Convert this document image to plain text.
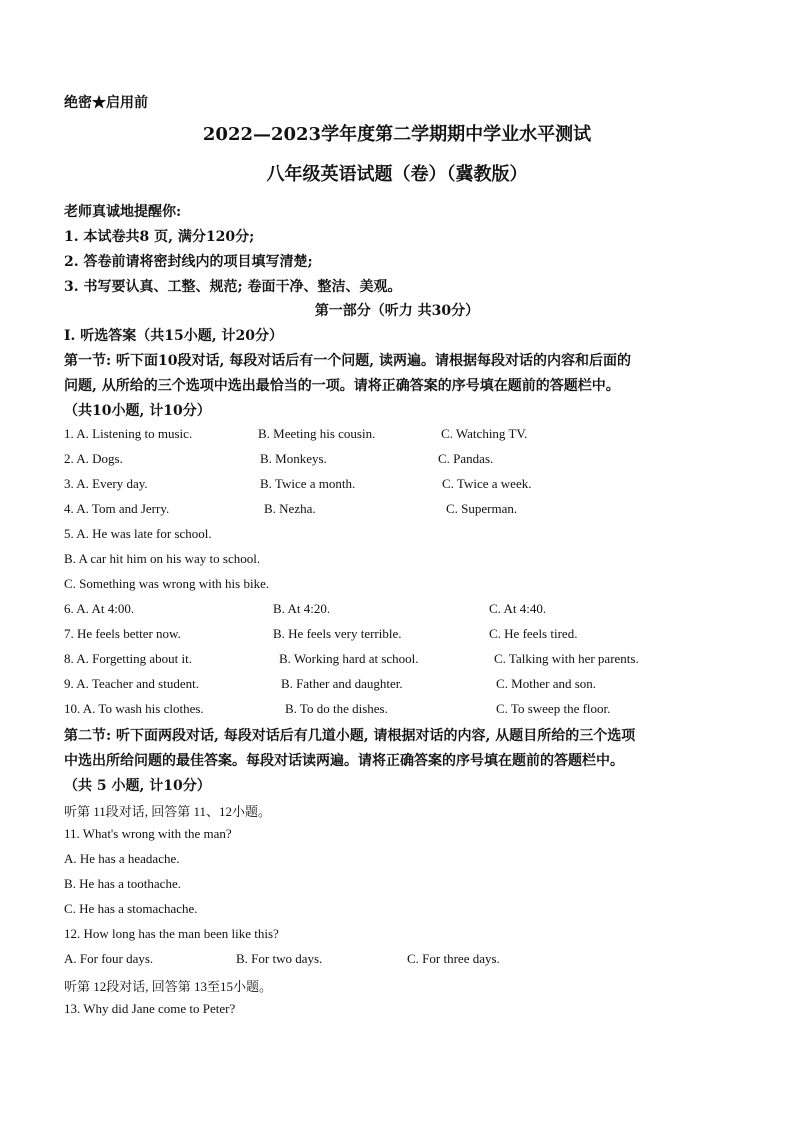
绝密★启用前
2022—2023学年度第二学期期中学业水平测试
八年级英语试题（卷）（冀教版）
老师真诚地提醒你:
1. 本试卷共8 页, 满分120分;
2. 答卷前请将密封线内的项目填写清楚;
3. 书写要认真、工整、规范; 卷面干净、整洁、美观。
第一部分（听力 共30分）
I. 听选答案（共15小题, 计20分）
第一节: 听下面10段对话, 每段对话后有一个问题, 读两遍。请根据每段对话的内容和后面的
问题, 从所给的三个选项中选出最恰当的一项。请将正确答案的序号填在题前的答题栏中。
（共10小题, 计10分）
1. A. Listening to music.	B. Meeting his cousin.	C. Watching TV.
2. A. Dogs.	B. Monkeys.	C. Pandas.
3. A. Every day.	B. Twice a month.	C. Twice a week.
4. A. Tom and Jerry.	B. Nezha.	C. Superman.
5. A. He was late for school.
B. A car hit him on his way to school.
C. Something was wrong with his bike.
6. A. At 4:00.	B. At 4:20.	C. At 4:40.
7. He feels better now.	B. He feels very terrible.	C. He feels tired.
8. A. Forgetting about it.	B. Working hard at school.	C. Talking with her parents.
9. A. Teacher and student.	B. Father and daughter.	C. Mother and son.
10. A. To wash his clothes.	B. To do the dishes.	C. To sweep the floor.
第二节: 听下面两段对话, 每段对话后有几道小题, 请根据对话的内容, 从题目所给的三个选项
中选出所给问题的最佳答案。每段对话读两遍。请将正确答案的序号填在题前的答题栏中。
（共 5 小题, 计10分）
听第 11段对话, 回答第 11、12小题。
11. What's wrong with the man?
A. He has a headache.
B. He has a toothache.
C. He has a stomachache.
12. How long has the man been like this?
A. For four days.	B. For two days.	C. For three days.
听第 12段对话, 回答第 13至15小题。
13. Why did Jane come to Peter?
